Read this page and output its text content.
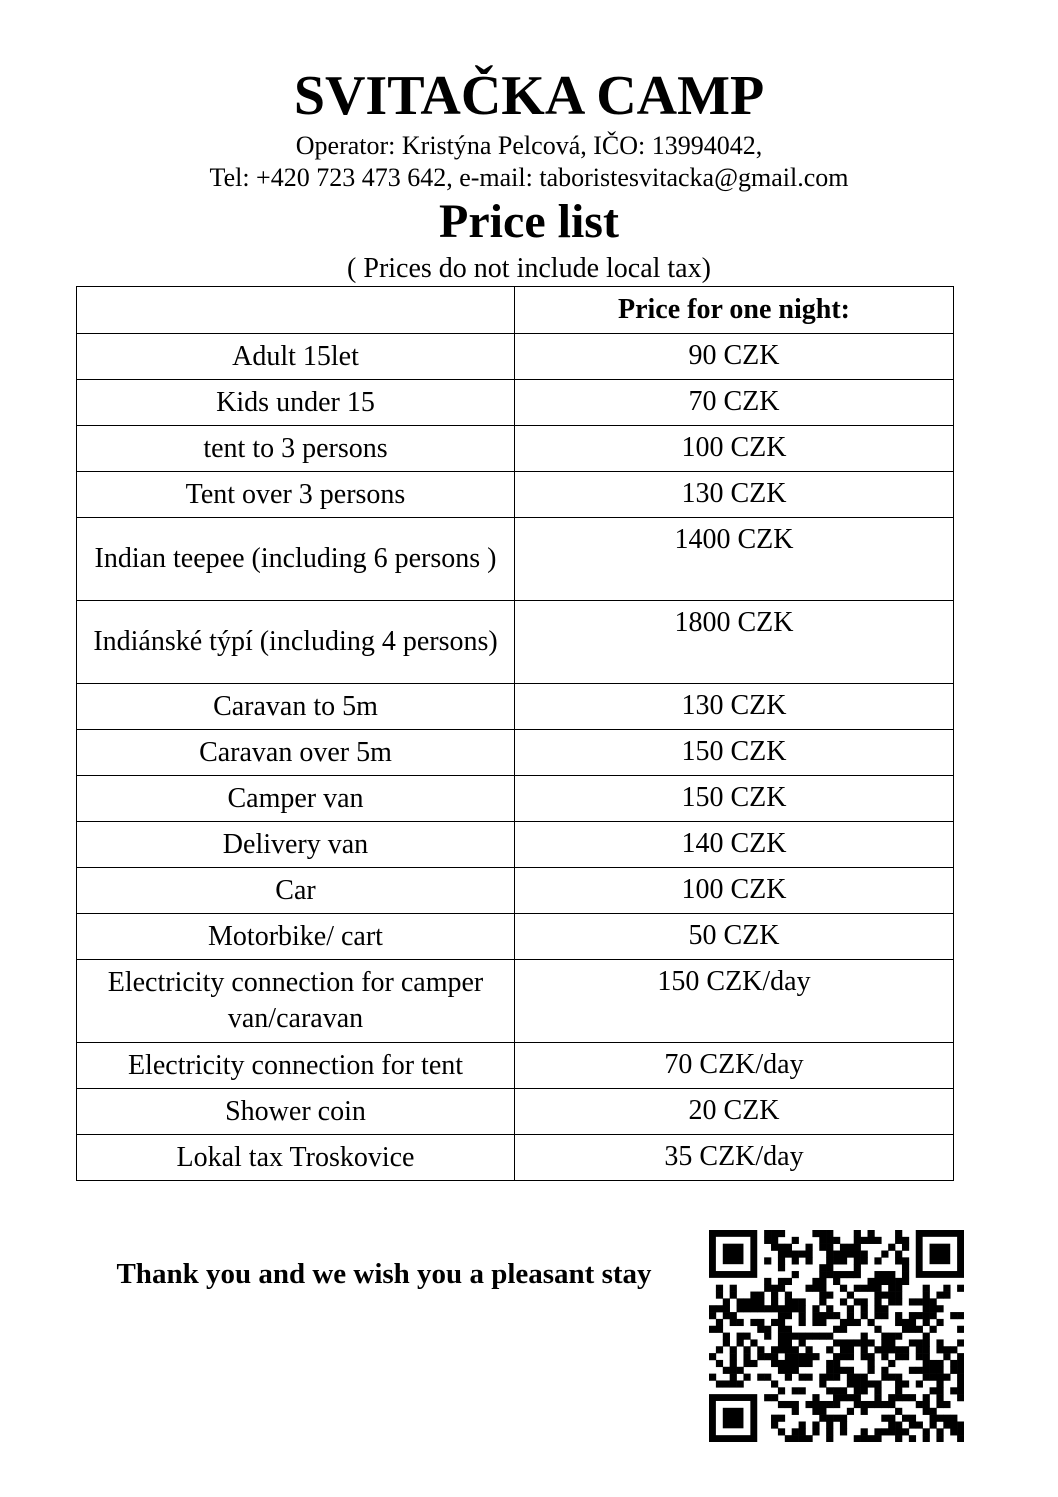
SVITAČKA CAMP
Operator: Kristýna Pelcová, IČO: 13994042,
Tel: +420 723 473 642, e-mail: taboristesvitacka@gmail.com
Price list
( Prices do not include local tax)
	Price for one night:
Adult 15let	90 CZK
Kids under 15	70 CZK
tent to 3 persons	100 CZK
Tent over 3 persons	130 CZK
Indian teepee (including 6 persons )	1400 CZK
Indiánské týpí (including 4 persons)	1800 CZK
Caravan to 5m	130 CZK
Caravan over 5m	150 CZK
Camper van	150 CZK
Delivery van	140 CZK
Car	100 CZK
Motorbike/ cart	50 CZK
Electricity connection for camper van/caravan	150 CZK/day
Electricity connection for tent	70 CZK/day
Shower coin	20 CZK
Lokal tax Troskovice	35 CZK/day
Thank you and we wish you a pleasant stay
